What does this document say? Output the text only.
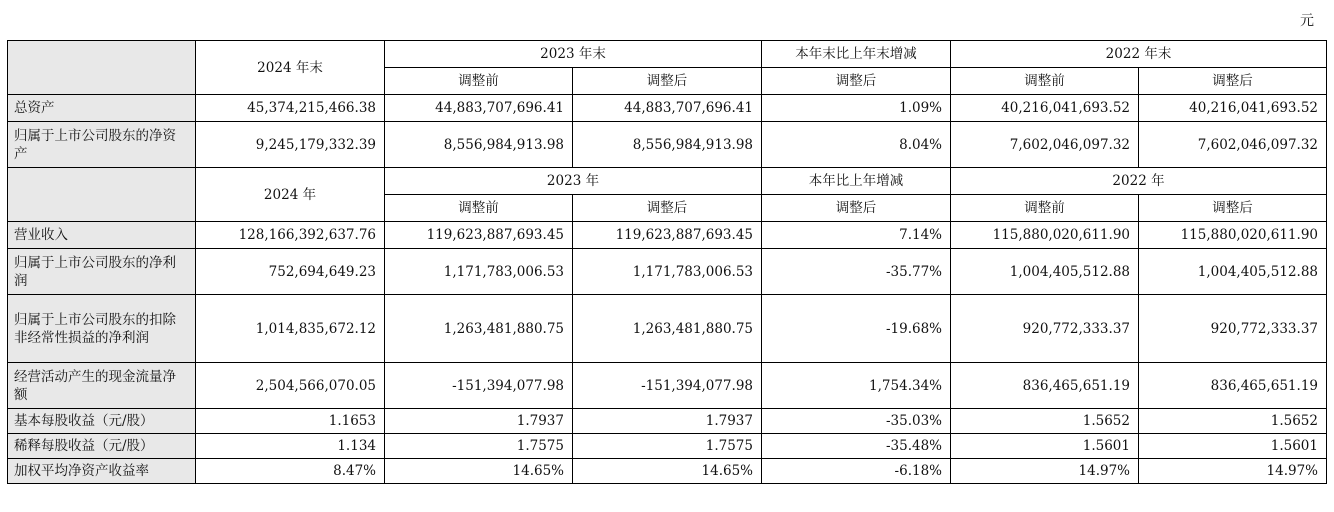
元
	2024 年末	2023 年末		本年末比上年末增减	2022 年末	
		调整前	调整后	调整后	调整前	调整后
总资产	45,374,215,466.38	44,883,707,696.41	44,883,707,696.41	1.09%	40,216,041,693.52	40,216,041,693.52
归属于上市公司股东的净资产	9,245,179,332.39	8,556,984,913.98	8,556,984,913.98	8.04%	7,602,046,097.32	7,602,046,097.32
	2024 年	2023 年		本年比上年增减	2022 年	
		调整前	调整后	调整后	调整前	调整后
营业收入	128,166,392,637.76	119,623,887,693.45	119,623,887,693.45	7.14%	115,880,020,611.90	115,880,020,611.90
归属于上市公司股东的净利润	752,694,649.23	1,171,783,006.53	1,171,783,006.53	-35.77%	1,004,405,512.88	1,004,405,512.88
归属于上市公司股东的扣除非经常性损益的净利润	1,014,835,672.12	1,263,481,880.75	1,263,481,880.75	-19.68%	920,772,333.37	920,772,333.37
经营活动产生的现金流量净额	2,504,566,070.05	-151,394,077.98	-151,394,077.98	1,754.34%	836,465,651.19	836,465,651.19
基本每股收益（元/股）	1.1653	1.7937	1.7937	-35.03%	1.5652	1.5652
稀释每股收益（元/股）	1.134	1.7575	1.7575	-35.48%	1.5601	1.5601
加权平均净资产收益率	8.47%	14.65%	14.65%	-6.18%	14.97%	14.97%
